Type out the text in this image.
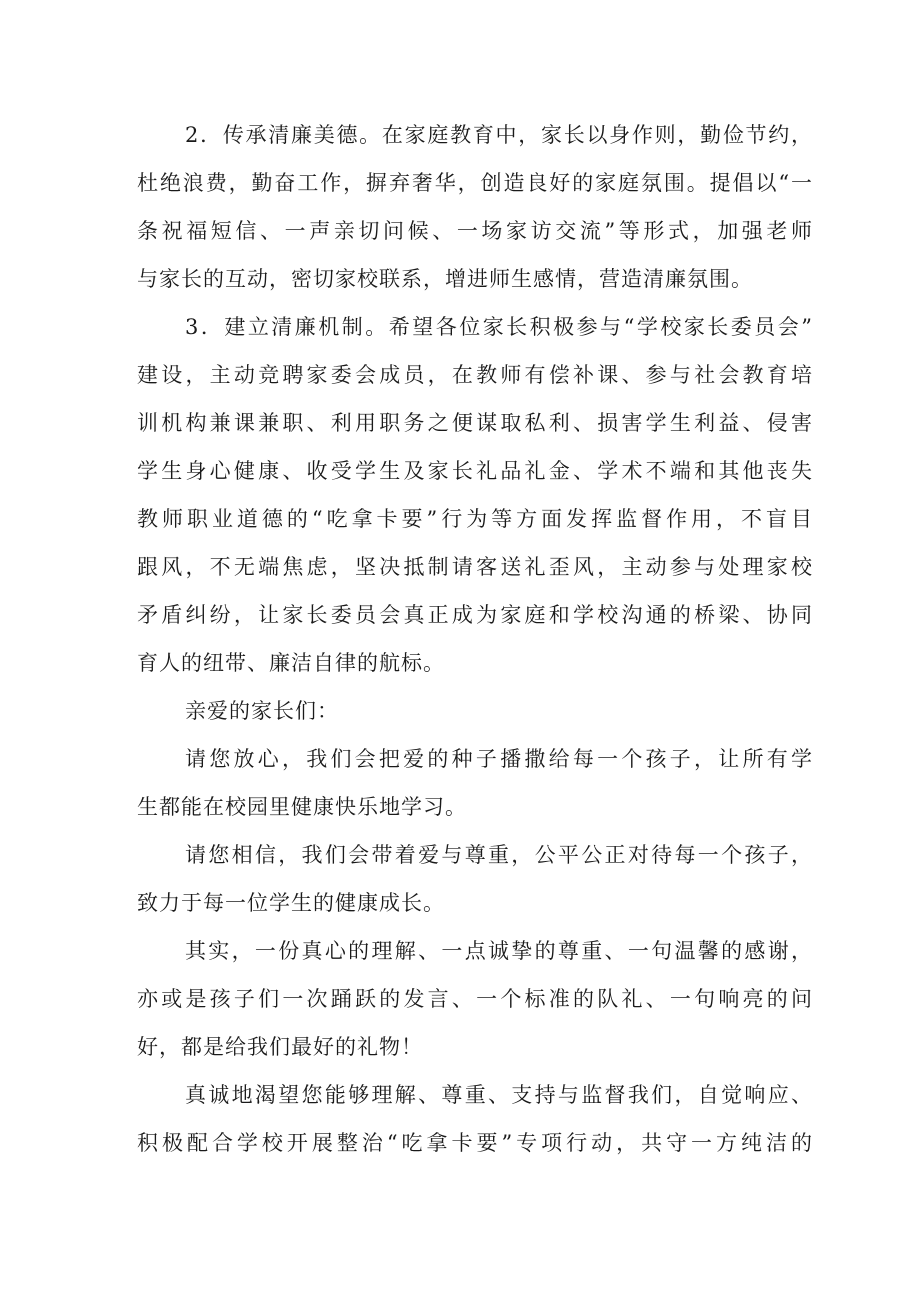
2．传承清廉美德。在家庭教育中，家长以身作则，勤俭节约，
杜绝浪费，勤奋工作，摒弃奢华，创造良好的家庭氛围。提倡以“一
条祝福短信、一声亲切问候、一场家访交流”等形式，加强老师
与家长的互动，密切家校联系，增进师生感情，营造清廉氛围。
3．建立清廉机制。希望各位家长积极参与“学校家长委员会”
建设，主动竞聘家委会成员，在教师有偿补课、参与社会教育培
训机构兼课兼职、利用职务之便谋取私利、损害学生利益、侵害
学生身心健康、收受学生及家长礼品礼金、学术不端和其他丧失
教师职业道德的“吃拿卡要”行为等方面发挥监督作用，不盲目
跟风，不无端焦虑，坚决抵制请客送礼歪风，主动参与处理家校
矛盾纠纷，让家长委员会真正成为家庭和学校沟通的桥梁、协同
育人的纽带、廉洁自律的航标。
亲爱的家长们：
请您放心，我们会把爱的种子播撒给每一个孩子，让所有学
生都能在校园里健康快乐地学习。
请您相信，我们会带着爱与尊重，公平公正对待每一个孩子，
致力于每一位学生的健康成长。
其实，一份真心的理解、一点诚挚的尊重、一句温馨的感谢，
亦或是孩子们一次踊跃的发言、一个标准的队礼、一句响亮的问
好，都是给我们最好的礼物！
真诚地渴望您能够理解、尊重、支持与监督我们，自觉响应、
积极配合学校开展整治“吃拿卡要”专项行动，共守一方纯洁的
